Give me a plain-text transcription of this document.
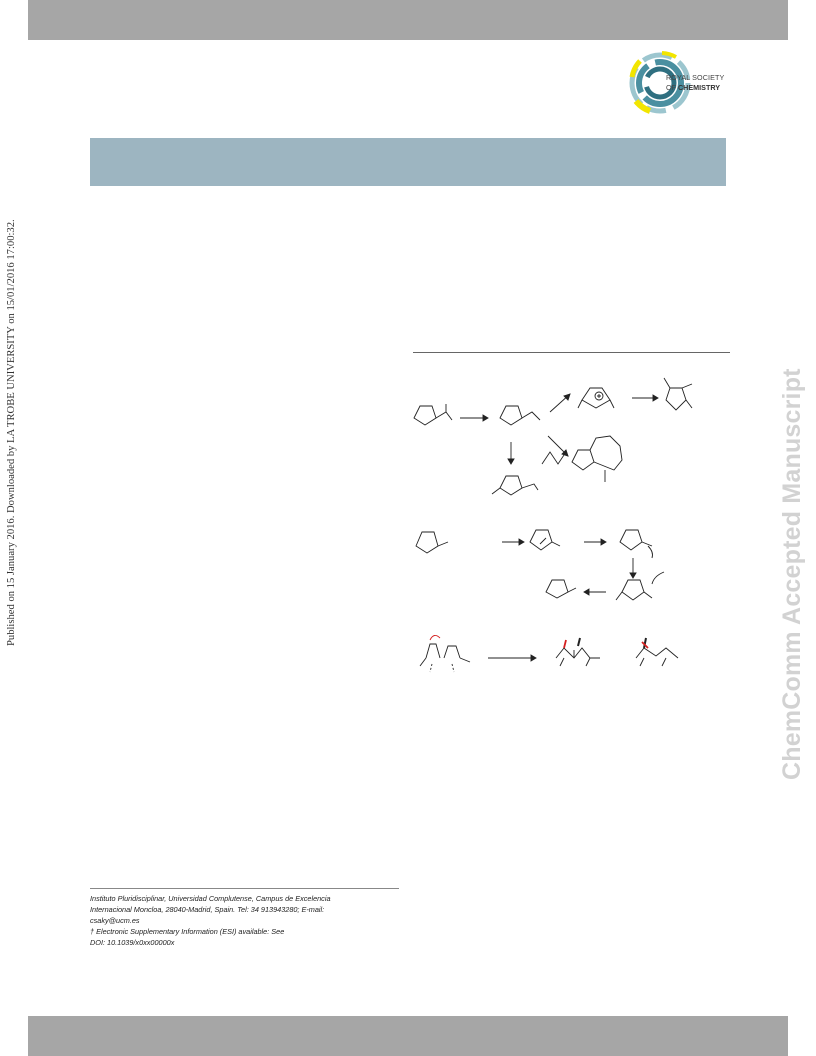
ROYAL SOCIETY
OF CHEMISTRY
Published on 15 January 2016. Downloaded by LA TROBE UNIVERSITY on 15/01/2016 17:00:32.	ChemComm Accepted Manuscript
Instituto Pluridisciplinar, Universidad Complutense, Campus de Excelencia
Internacional Moncloa, 28040-Madrid, Spain. Tel: 34 913943280; E-mail:
csaky@ucm.es
† Electronic Supplementary Information (ESI) available: See
DOI: 10.1039/x0xx00000x
